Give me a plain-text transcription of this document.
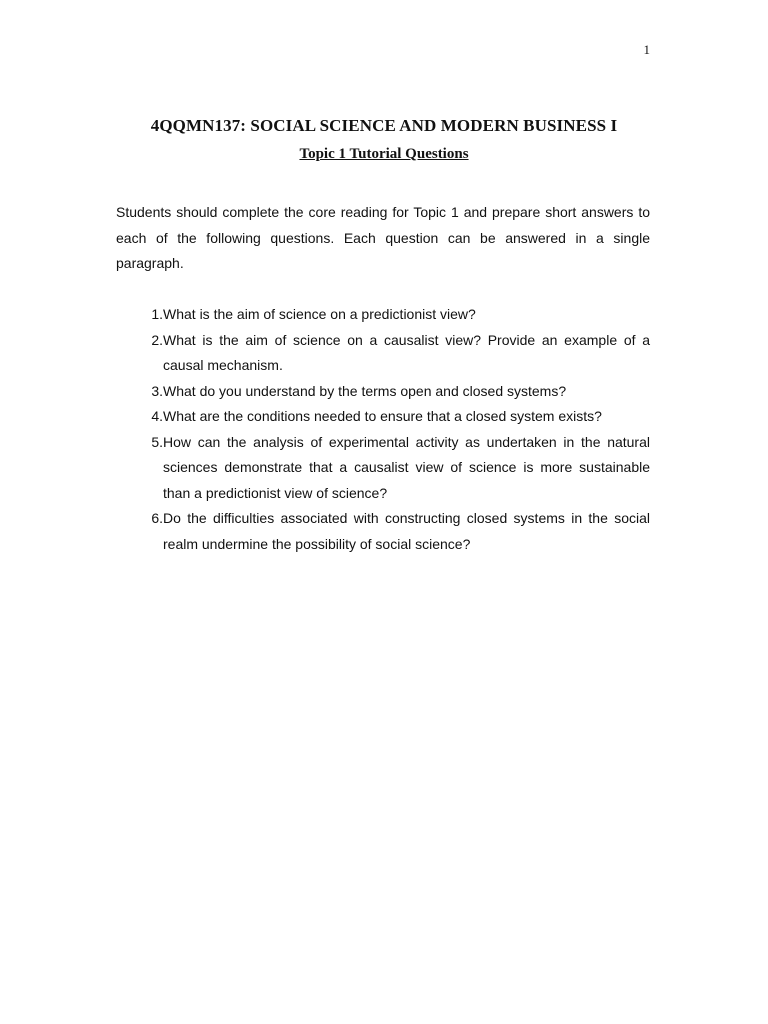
1
4QQMN137: SOCIAL SCIENCE AND MODERN BUSINESS I
Topic 1 Tutorial Questions

Students should complete the core reading for Topic 1 and prepare short answers to each of the following questions. Each question can be answered in a single paragraph.

1. What is the aim of science on a predictionist view?
2. What is the aim of science on a causalist view? Provide an example of a causal mechanism.
3. What do you understand by the terms open and closed systems?
4. What are the conditions needed to ensure that a closed system exists?
5. How can the analysis of experimental activity as undertaken in the natural sciences demonstrate that a causalist view of science is more sustainable than a predictionist view of science?
6. Do the difficulties associated with constructing closed systems in the social realm undermine the possibility of social science?
